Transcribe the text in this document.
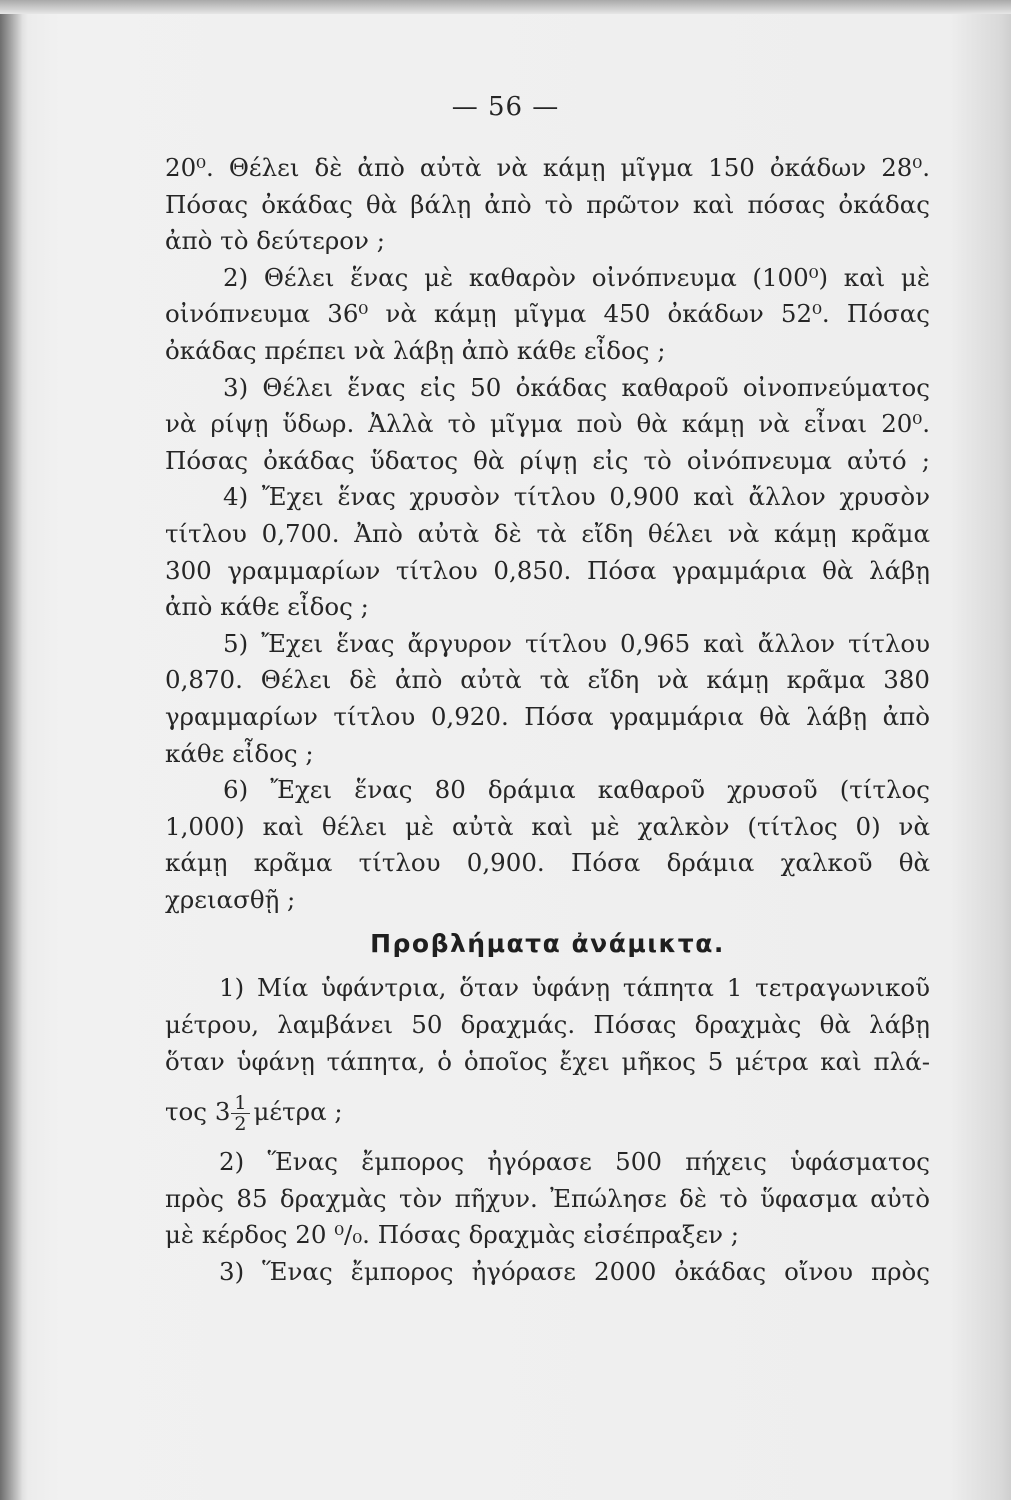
— 56 —
20⁰. Θέλει δὲ ἀπὸ αὐτὰ νὰ κάμῃ μῖγμα 150 ὀκάδων 28⁰.
Πόσας ὀκάδας θὰ βάλῃ ἀπὸ τὸ πρῶτον καὶ πόσας ὀκάδας
ἀπὸ τὸ δεύτερον ;
2) Θέλει ἕνας μὲ καθαρὸν οἰνόπνευμα (100⁰) καὶ μὲ
οἰνόπνευμα 36⁰ νὰ κάμῃ μῖγμα 450 ὀκάδων 52⁰. Πόσας
ὀκάδας πρέπει νὰ λάβῃ ἀπὸ κάθε εἶδος ;
3) Θέλει ἕνας εἰς 50 ὀκάδας καθαροῦ οἰνοπνεύματος
νὰ ρίψῃ ὕδωρ. Ἀλλὰ τὸ μῖγμα ποὺ θὰ κάμῃ νὰ εἶναι 20⁰.
Πόσας ὀκάδας ὕδατος θὰ ρίψῃ εἰς τὸ οἰνόπνευμα αὐτό ;
4) Ἔχει ἕνας χρυσὸν τίτλου 0,900 καὶ ἄλλον χρυσὸν
τίτλου 0,700. Ἀπὸ αὐτὰ δὲ τὰ εἴδη θέλει νὰ κάμῃ κρᾶμα
300 γραμμαρίων τίτλου 0,850. Πόσα γραμμάρια θὰ λάβῃ
ἀπὸ κάθε εἶδος ;
5) Ἔχει ἕνας ἄργυρον τίτλου 0,965 καὶ ἄλλον τίτλου
0,870. Θέλει δὲ ἀπὸ αὐτὰ τὰ εἴδη νὰ κάμῃ κρᾶμα 380
γραμμαρίων τίτλου 0,920. Πόσα γραμμάρια θὰ λάβῃ ἀπὸ
κάθε εἶδος ;
6) Ἔχει ἕνας 80 δράμια καθαροῦ χρυσοῦ (τίτλος
1,000) καὶ θέλει μὲ αὐτὰ καὶ μὲ χαλκὸν (τίτλος 0) νὰ
κάμῃ κρᾶμα τίτλου 0,900. Πόσα δράμια χαλκοῦ θὰ
χρειασθῇ ;
Προβλήματα ἀνάμικτα.
1) Μία ὑφάντρια, ὅταν ὑφάνῃ τάπητα 1 τετραγωνικοῦ
μέτρου, λαμβάνει 50 δραχμάς. Πόσας δραχμὰς θὰ λάβῃ
ὅταν ὑφάνῃ τάπητα, ὁ ὁποῖος ἔχει μῆκος 5 μέτρα καὶ πλά-
τος $3 \frac{1}{2}$ μέτρα ;
2) Ἕνας ἔμπορος ἠγόρασε 500 πήχεις ὑφάσματος
πρὸς 85 δραχμὰς τὸν πῆχυν. Ἐπώλησε δὲ τὸ ὕφασμα αὐτὸ
μὲ κέρδος 20 ⁰/₀. Πόσας δραχμὰς εἰσέπραξεν ;
3) Ἕνας ἔμπορος ἠγόρασε 2000 ὀκάδας οἴνου πρὸς
